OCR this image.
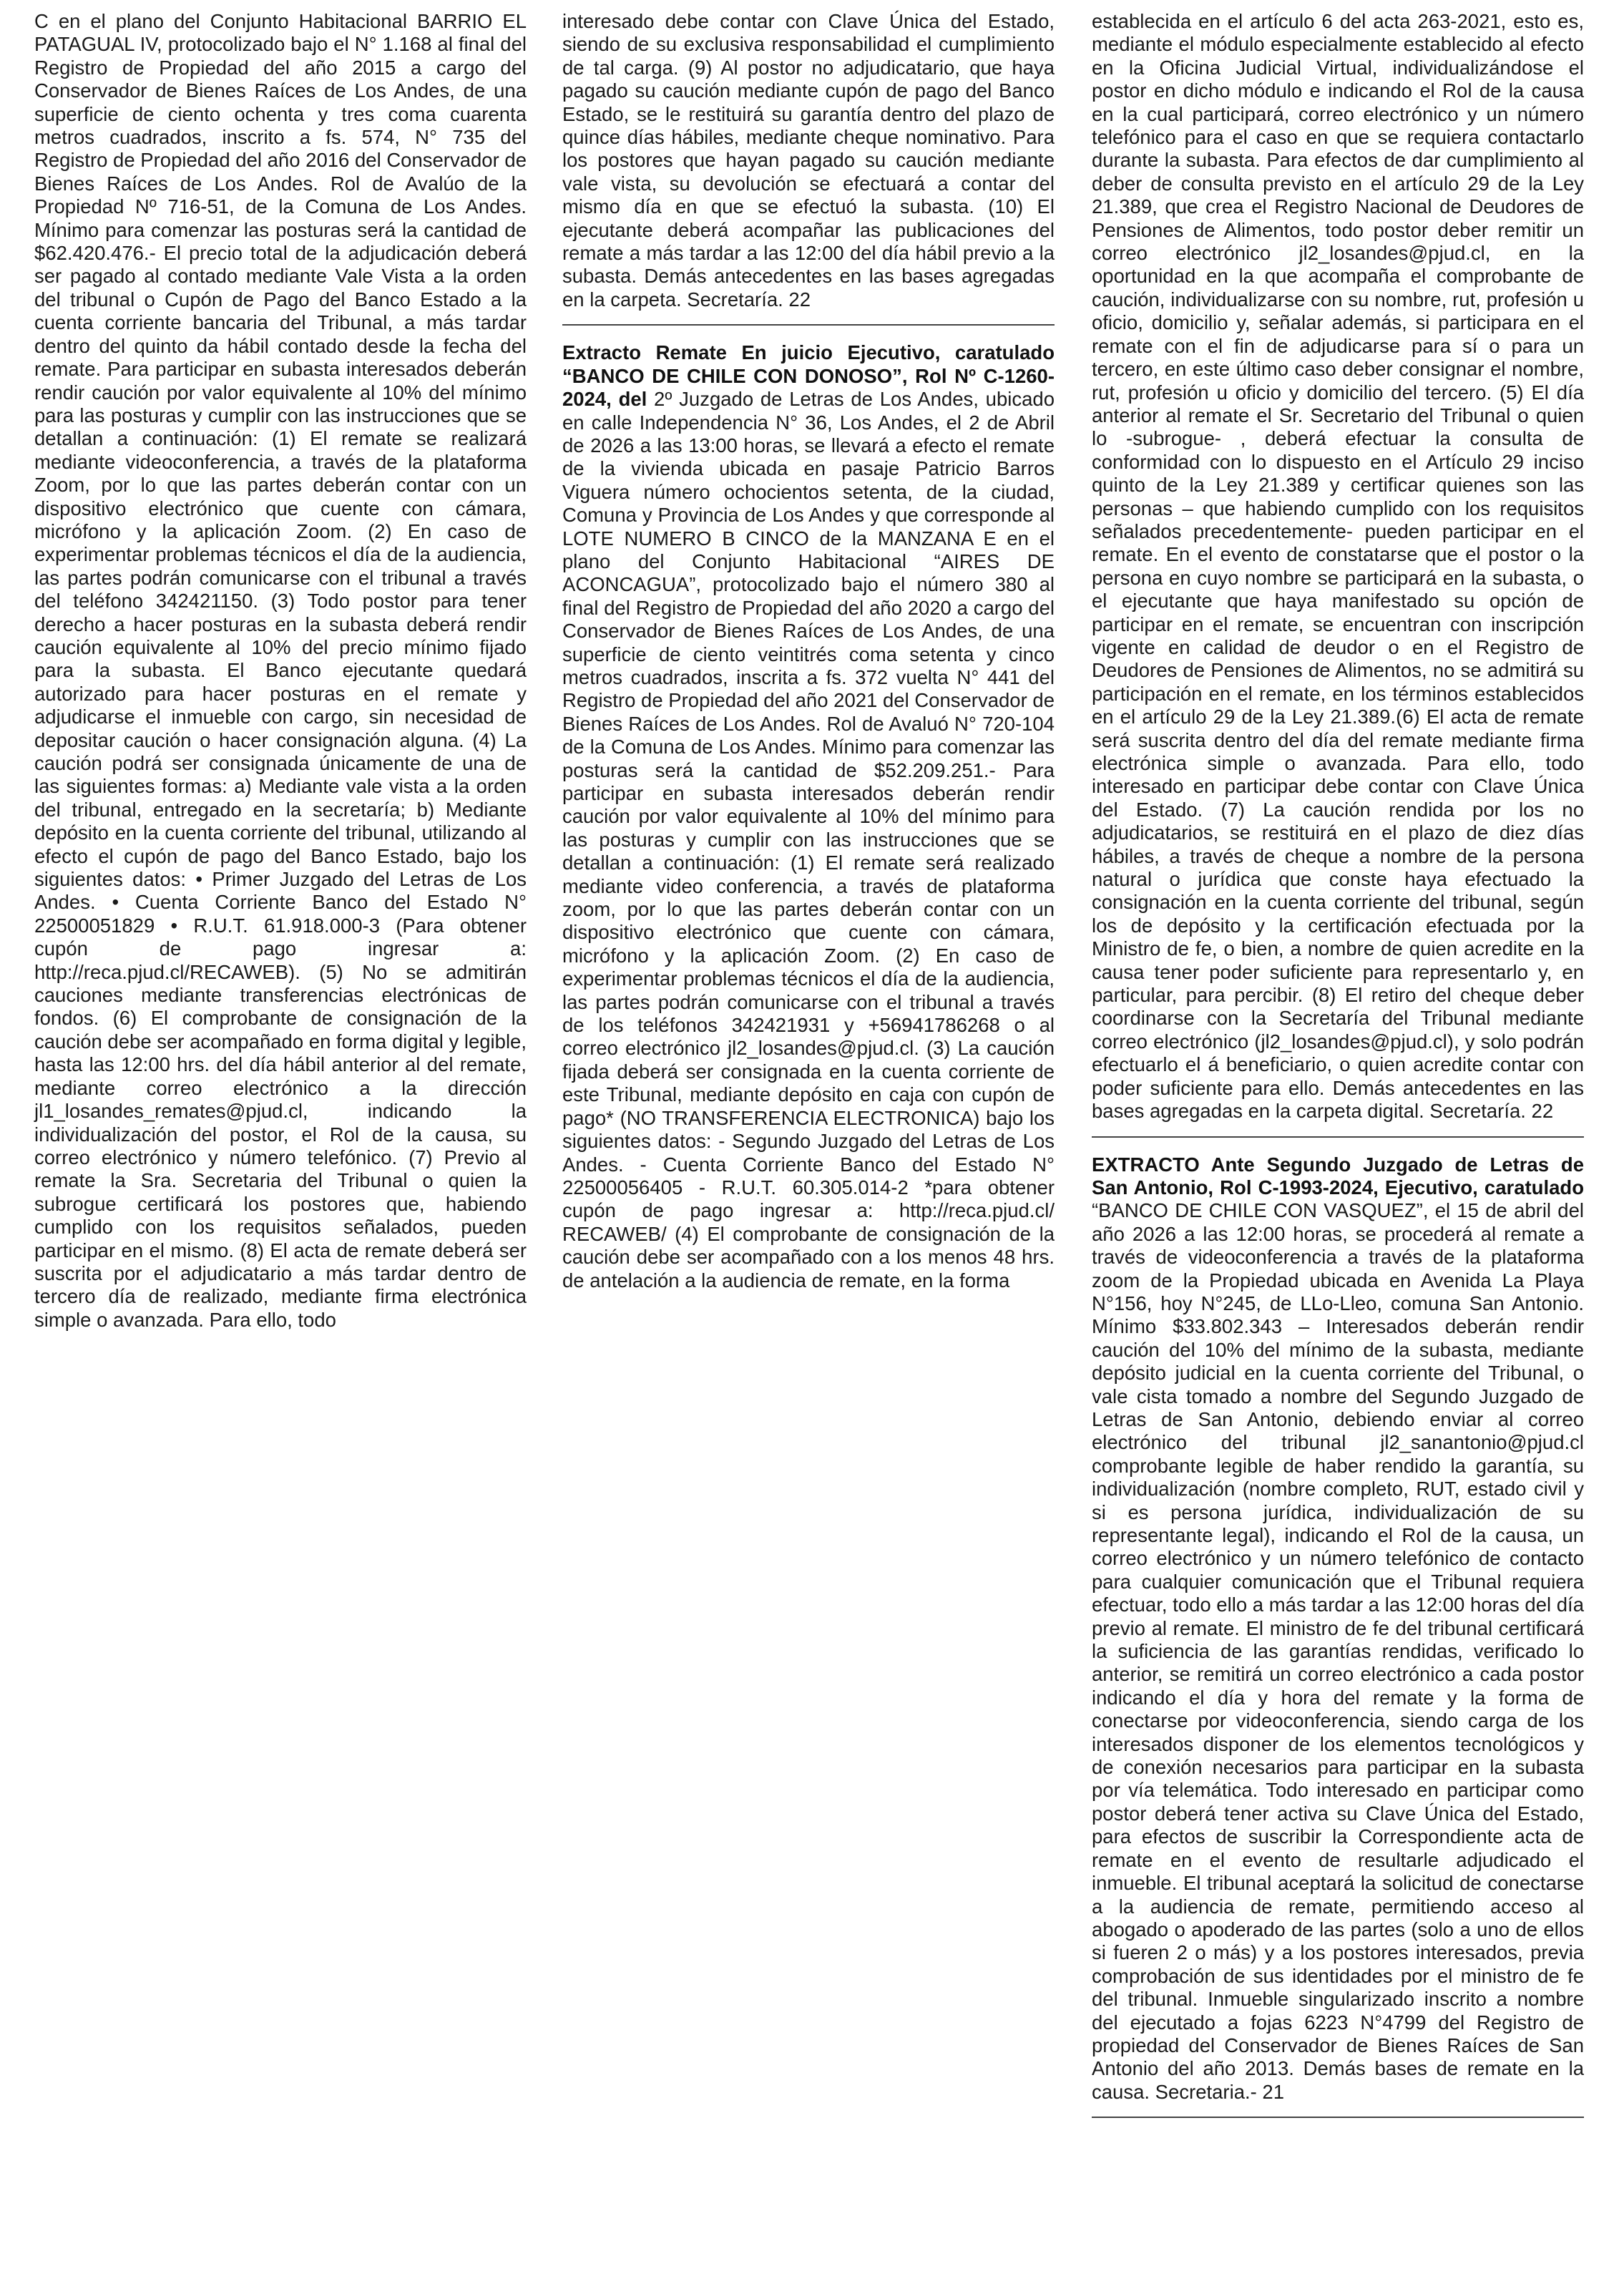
C en el plano del Conjunto Habitacional BARRIO EL PATAGUAL IV, protocolizado bajo el N° 1.168 al final del Registro de Propiedad del año 2015 a cargo del Conservador de Bienes Raíces de Los Andes, de una superficie de ciento ochenta y tres coma cuarenta metros cuadrados, inscrito a fs. 574, N° 735 del Registro de Propiedad del año 2016 del Conservador de Bienes Raíces de Los Andes. Rol de Avalúo de la Propiedad Nº 716-51, de la Comuna de Los Andes. Mínimo para comenzar las posturas será la cantidad de $62.420.476.- El precio total de la adjudicación deberá ser pagado al contado mediante Vale Vista a la orden del tribunal o Cupón de Pago del Banco Estado a la cuenta corriente bancaria del Tribunal, a más tardar dentro del quinto da hábil contado desde la fecha del remate. Para participar en subasta interesados deberán rendir caución por valor equivalente al 10% del mínimo para las posturas y cumplir con las instrucciones que se detallan a continuación: (1) El remate se realizará mediante videoconferencia, a través de la plataforma Zoom, por lo que las partes deberán contar con un dispositivo electrónico que cuente con cámara, micrófono y la aplicación Zoom. (2) En caso de experimentar problemas técnicos el día de la audiencia, las partes podrán comunicarse con el tribunal a través del teléfono 342421150. (3) Todo postor para tener derecho a hacer posturas en la subasta deberá rendir caución equivalente al 10% del precio mínimo fijado para la subasta. El Banco ejecutante quedará autorizado para hacer posturas en el remate y adjudicarse el inmueble con cargo, sin necesidad de depositar caución o hacer consignación alguna. (4) La caución podrá ser consignada únicamente de una de las siguientes formas: a) Mediante vale vista a la orden del tribunal, entregado en la secretaría; b) Mediante depósito en la cuenta corriente del tribunal, utilizando al efecto el cupón de pago del Banco Estado, bajo los siguientes datos: • Primer Juzgado del Letras de Los Andes. • Cuenta Corriente Banco del Estado N° 22500051829 • R.U.T. 61.918.000-3 (Para obtener cupón de pago ingresar a: http://reca.pjud.cl/RECAWEB). (5) No se admitirán cauciones mediante transferencias electrónicas de fondos. (6) El comprobante de consignación de la caución debe ser acompañado en forma digital y legible, hasta las 12:00 hrs. del día hábil anterior al del remate, mediante correo electrónico a la dirección jl1_losandes_remates@pjud.cl, indicando la individualización del postor, el Rol de la causa, su correo electrónico y número telefónico. (7) Previo al remate la Sra. Secretaria del Tribunal o quien la subrogue certificará los postores que, habiendo cumplido con los requisitos señalados, pueden participar en el mismo. (8) El acta de remate deberá ser suscrita por el adjudicatario a más tardar dentro de tercero día de realizado, mediante firma electrónica simple o avanzada. Para ello, todo

interesado debe contar con Clave Única del Estado, siendo de su exclusiva responsabilidad el cumplimiento de tal carga. (9) Al postor no adjudicatario, que haya pagado su caución mediante cupón de pago del Banco Estado, se le restituirá su garantía dentro del plazo de quince días hábiles, mediante cheque nominativo. Para los postores que hayan pagado su caución mediante vale vista, su devolución se efectuará a contar del mismo día en que se efectuó la subasta. (10) El ejecutante deberá acompañar las publicaciones del remate a más tardar a las 12:00 del día hábil previo a la subasta. Demás antecedentes en las bases agregadas en la carpeta. Secretaría. 22

Extracto Remate En juicio Ejecutivo, caratulado “BANCO DE CHILE CON DONOSO”, Rol Nº C-1260-2024, del 2º Juzgado de Letras de Los Andes, ubicado en calle Independencia N° 36, Los Andes, el 2 de Abril de 2026 a las 13:00 horas, se llevará a efecto el remate de la vivienda ubicada en pasaje Patricio Barros Viguera número ochocientos setenta, de la ciudad, Comuna y Provincia de Los Andes y que corresponde al LOTE NUMERO B CINCO de la MANZANA E en el plano del Conjunto Habitacional “AIRES DE ACONCAGUA”, protocolizado bajo el número 380 al final del Registro de Propiedad del año 2020 a cargo del Conservador de Bienes Raíces de Los Andes, de una superficie de ciento veintitrés coma setenta y cinco metros cuadrados, inscrita a fs. 372 vuelta N° 441 del Registro de Propiedad del año 2021 del Conservador de Bienes Raíces de Los Andes. Rol de Avaluó N° 720-104 de la Comuna de Los Andes. Mínimo para comenzar las posturas será la cantidad de $52.209.251.- Para participar en subasta interesados deberán rendir caución por valor equivalente al 10% del mínimo para las posturas y cumplir con las instrucciones que se detallan a continuación: (1) El remate será realizado mediante video conferencia, a través de plataforma zoom, por lo que las partes deberán contar con un dispositivo electrónico que cuente con cámara, micrófono y la aplicación Zoom. (2) En caso de experimentar problemas técnicos el día de la audiencia, las partes podrán comunicarse con el tribunal a través de los teléfonos 342421931 y +56941786268 o al correo electrónico jl2_losandes@pjud.cl. (3) La caución fijada deberá ser consignada en la cuenta corriente de este Tribunal, mediante depósito en caja con cupón de pago* (NO TRANSFERENCIA ELECTRONICA) bajo los siguientes datos: - Segundo Juzgado del Letras de Los Andes. - Cuenta Corriente Banco del Estado N° 22500056405 - R.U.T. 60.305.014-2 *para obtener cupón de pago ingresar a: http://reca.pjud.cl/ RECAWEB/ (4) El comprobante de consignación de la caución debe ser acompañado con a los menos 48 hrs. de antelación a la audiencia de remate, en la forma

establecida en el artículo 6 del acta 263-2021, esto es, mediante el módulo especialmente establecido al efecto en la Oficina Judicial Virtual, individualizándose el postor en dicho módulo e indicando el Rol de la causa en la cual participará, correo electrónico y un número telefónico para el caso en que se requiera contactarlo durante la subasta. Para efectos de dar cumplimiento al deber de consulta previsto en el artículo 29 de la Ley 21.389, que crea el Registro Nacional de Deudores de Pensiones de Alimentos, todo postor deber remitir un correo electrónico jl2_losandes@pjud.cl, en la oportunidad en la que acompaña el comprobante de caución, individualizarse con su nombre, rut, profesión u oficio, domicilio y, señalar además, si participara en el remate con el fin de adjudicarse para sí o para un tercero, en este último caso deber consignar el nombre, rut, profesión u oficio y domicilio del tercero. (5) El día anterior al remate el Sr. Secretario del Tribunal o quien lo -subrogue- , deberá efectuar la consulta de conformidad con lo dispuesto en el Artículo 29 inciso quinto de la Ley 21.389 y certificar quienes son las personas – que habiendo cumplido con los requisitos señalados precedentemente- pueden participar en el remate. En el evento de constatarse que el postor o la persona en cuyo nombre se participará en la subasta, o el ejecutante que haya manifestado su opción de participar en el remate, se encuentran con inscripción vigente en calidad de deudor o en el Registro de Deudores de Pensiones de Alimentos, no se admitirá su participación en el remate, en los términos establecidos en el artículo 29 de la Ley 21.389.(6) El acta de remate será suscrita dentro del día del remate mediante firma electrónica simple o avanzada. Para ello, todo interesado en participar debe contar con Clave Única del Estado. (7) La caución rendida por los no adjudicatarios, se restituirá en el plazo de diez días hábiles, a través de cheque a nombre de la persona natural o jurídica que conste haya efectuado la consignación en la cuenta corriente del tribunal, según los de depósito y la certificación efectuada por la Ministro de fe, o bien, a nombre de quien acredite en la causa tener poder suficiente para representarlo y, en particular, para percibir. (8) El retiro del cheque deber coordinarse con la Secretaría del Tribunal mediante correo electrónico (jl2_losandes@pjud.cl), y solo podrán efectuarlo el á beneficiario, o quien acredite contar con poder suficiente para ello. Demás antecedentes en las bases agregadas en la carpeta digital. Secretaría. 22

EXTRACTO Ante Segundo Juzgado de Letras de San Antonio, Rol C-1993-2024, Ejecutivo, caratulado “BANCO DE CHILE CON VASQUEZ”, el 15 de abril del año 2026 a las 12:00 horas, se procederá al remate a través de videoconferencia a través de la plataforma zoom de la Propiedad ubicada en Avenida La Playa N°156, hoy N°245, de LLo-Lleo, comuna San Antonio. Mínimo $33.802.343 – Interesados deberán rendir caución del 10% del mínimo de la subasta, mediante depósito judicial en la cuenta corriente del Tribunal, o vale cista tomado a nombre del Segundo Juzgado de Letras de San Antonio, debiendo enviar al correo electrónico del tribunal jl2_sanantonio@pjud.cl comprobante legible de haber rendido la garantía, su individualización (nombre completo, RUT, estado civil y si es persona jurídica, individualización de su representante legal), indicando el Rol de la causa, un correo electrónico y un número telefónico de contacto para cualquier comunicación que el Tribunal requiera efectuar, todo ello a más tardar a las 12:00 horas del día previo al remate. El ministro de fe del tribunal certificará la suficiencia de las garantías rendidas, verificado lo anterior, se remitirá un correo electrónico a cada postor indicando el día y hora del remate y la forma de conectarse por videoconferencia, siendo carga de los interesados disponer de los elementos tecnológicos y de conexión necesarios para participar en la subasta por vía telemática. Todo interesado en participar como postor deberá tener activa su Clave Única del Estado, para efectos de suscribir la Correspondiente acta de remate en el evento de resultarle adjudicado el inmueble. El tribunal aceptará la solicitud de conectarse a la audiencia de remate, permitiendo acceso al abogado o apoderado de las partes (solo a uno de ellos si fueren 2 o más) y a los postores interesados, previa comprobación de sus identidades por el ministro de fe del tribunal. Inmueble singularizado inscrito a nombre del ejecutado a fojas 6223 N°4799 del Registro de propiedad del Conservador de Bienes Raíces de San Antonio del año 2013. Demás bases de remate en la causa. Secretaria.- 21
